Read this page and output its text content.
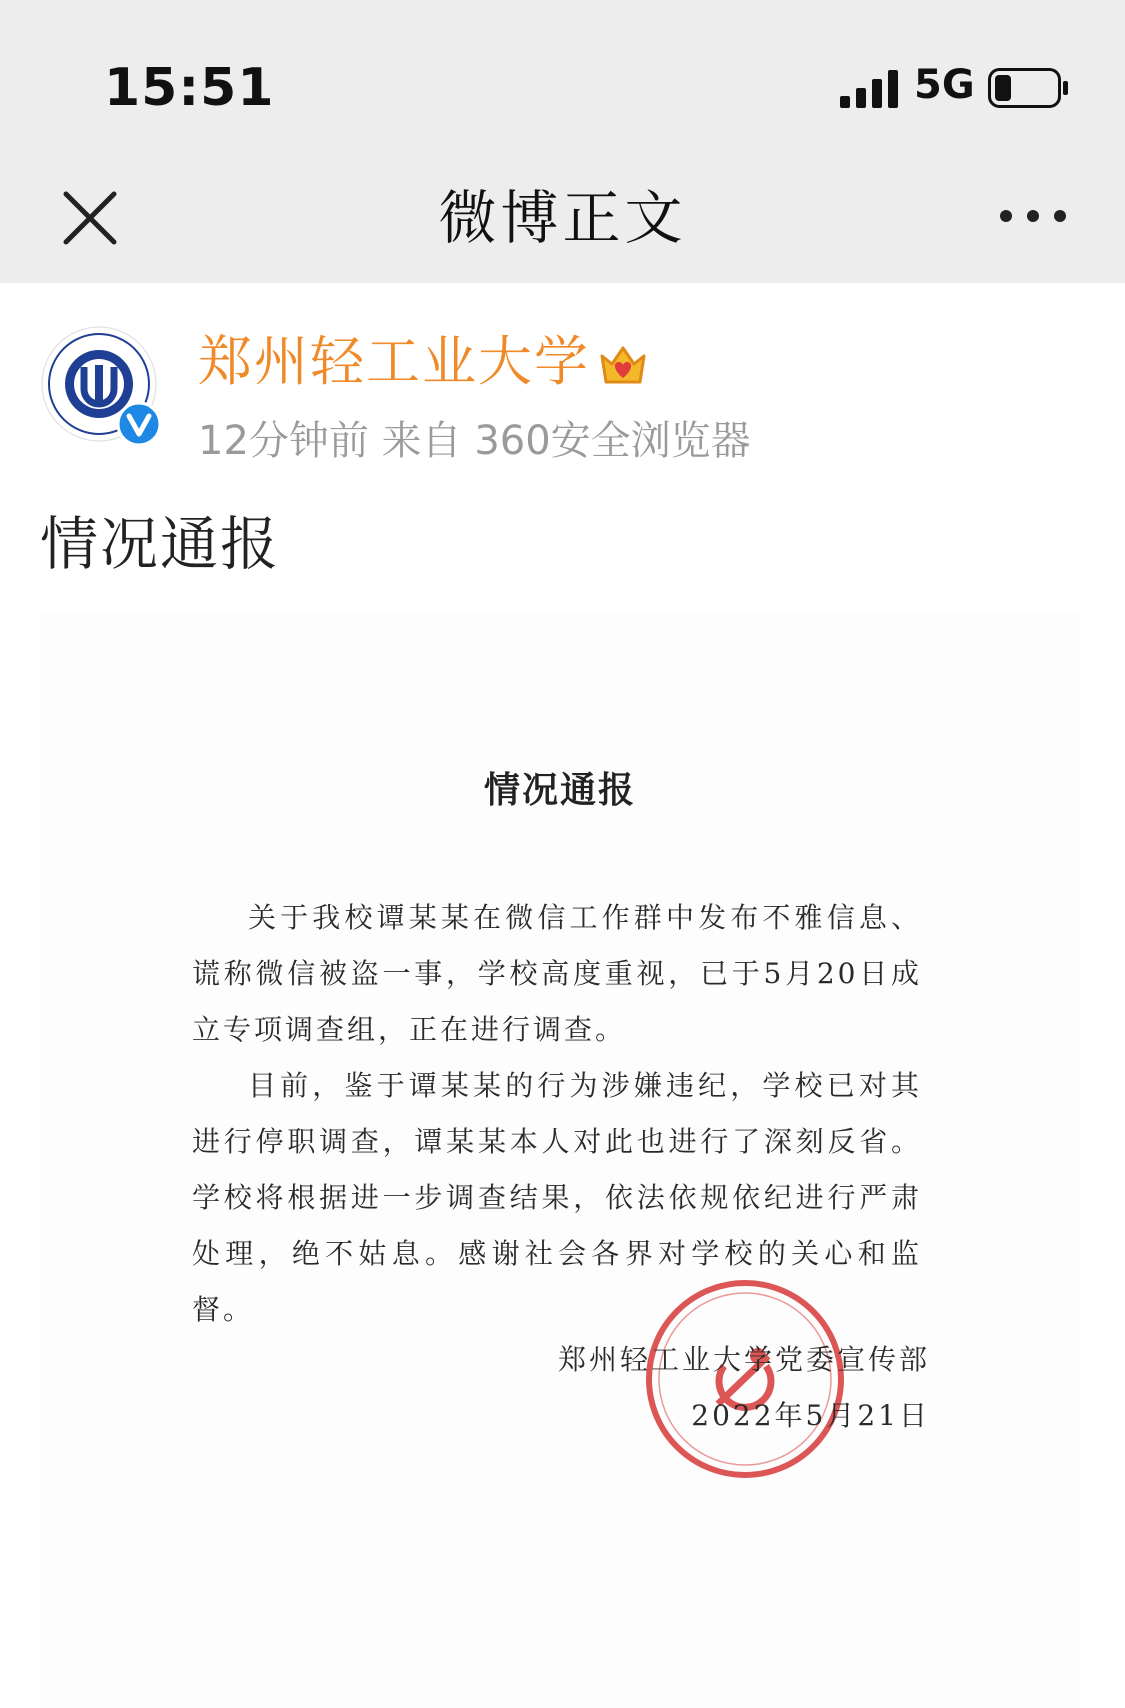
15:51	5G
微博正文
郑州轻工业大学
12分钟前 来自 360安全浏览器
情况通报
情况通报

关于我校谭某某在微信工作群中发布不雅信息、谎称微信被盗一事，学校高度重视，已于5月20日成立专项调查组，正在进行调查。

目前，鉴于谭某某的行为涉嫌违纪，学校已对其进行停职调查，谭某某本人对此也进行了深刻反省。学校将根据进一步调查结果，依法依规依纪进行严肃处理，绝不姑息。感谢社会各界对学校的关心和监督。

郑州轻工业大学党委宣传部
2022年5月21日
